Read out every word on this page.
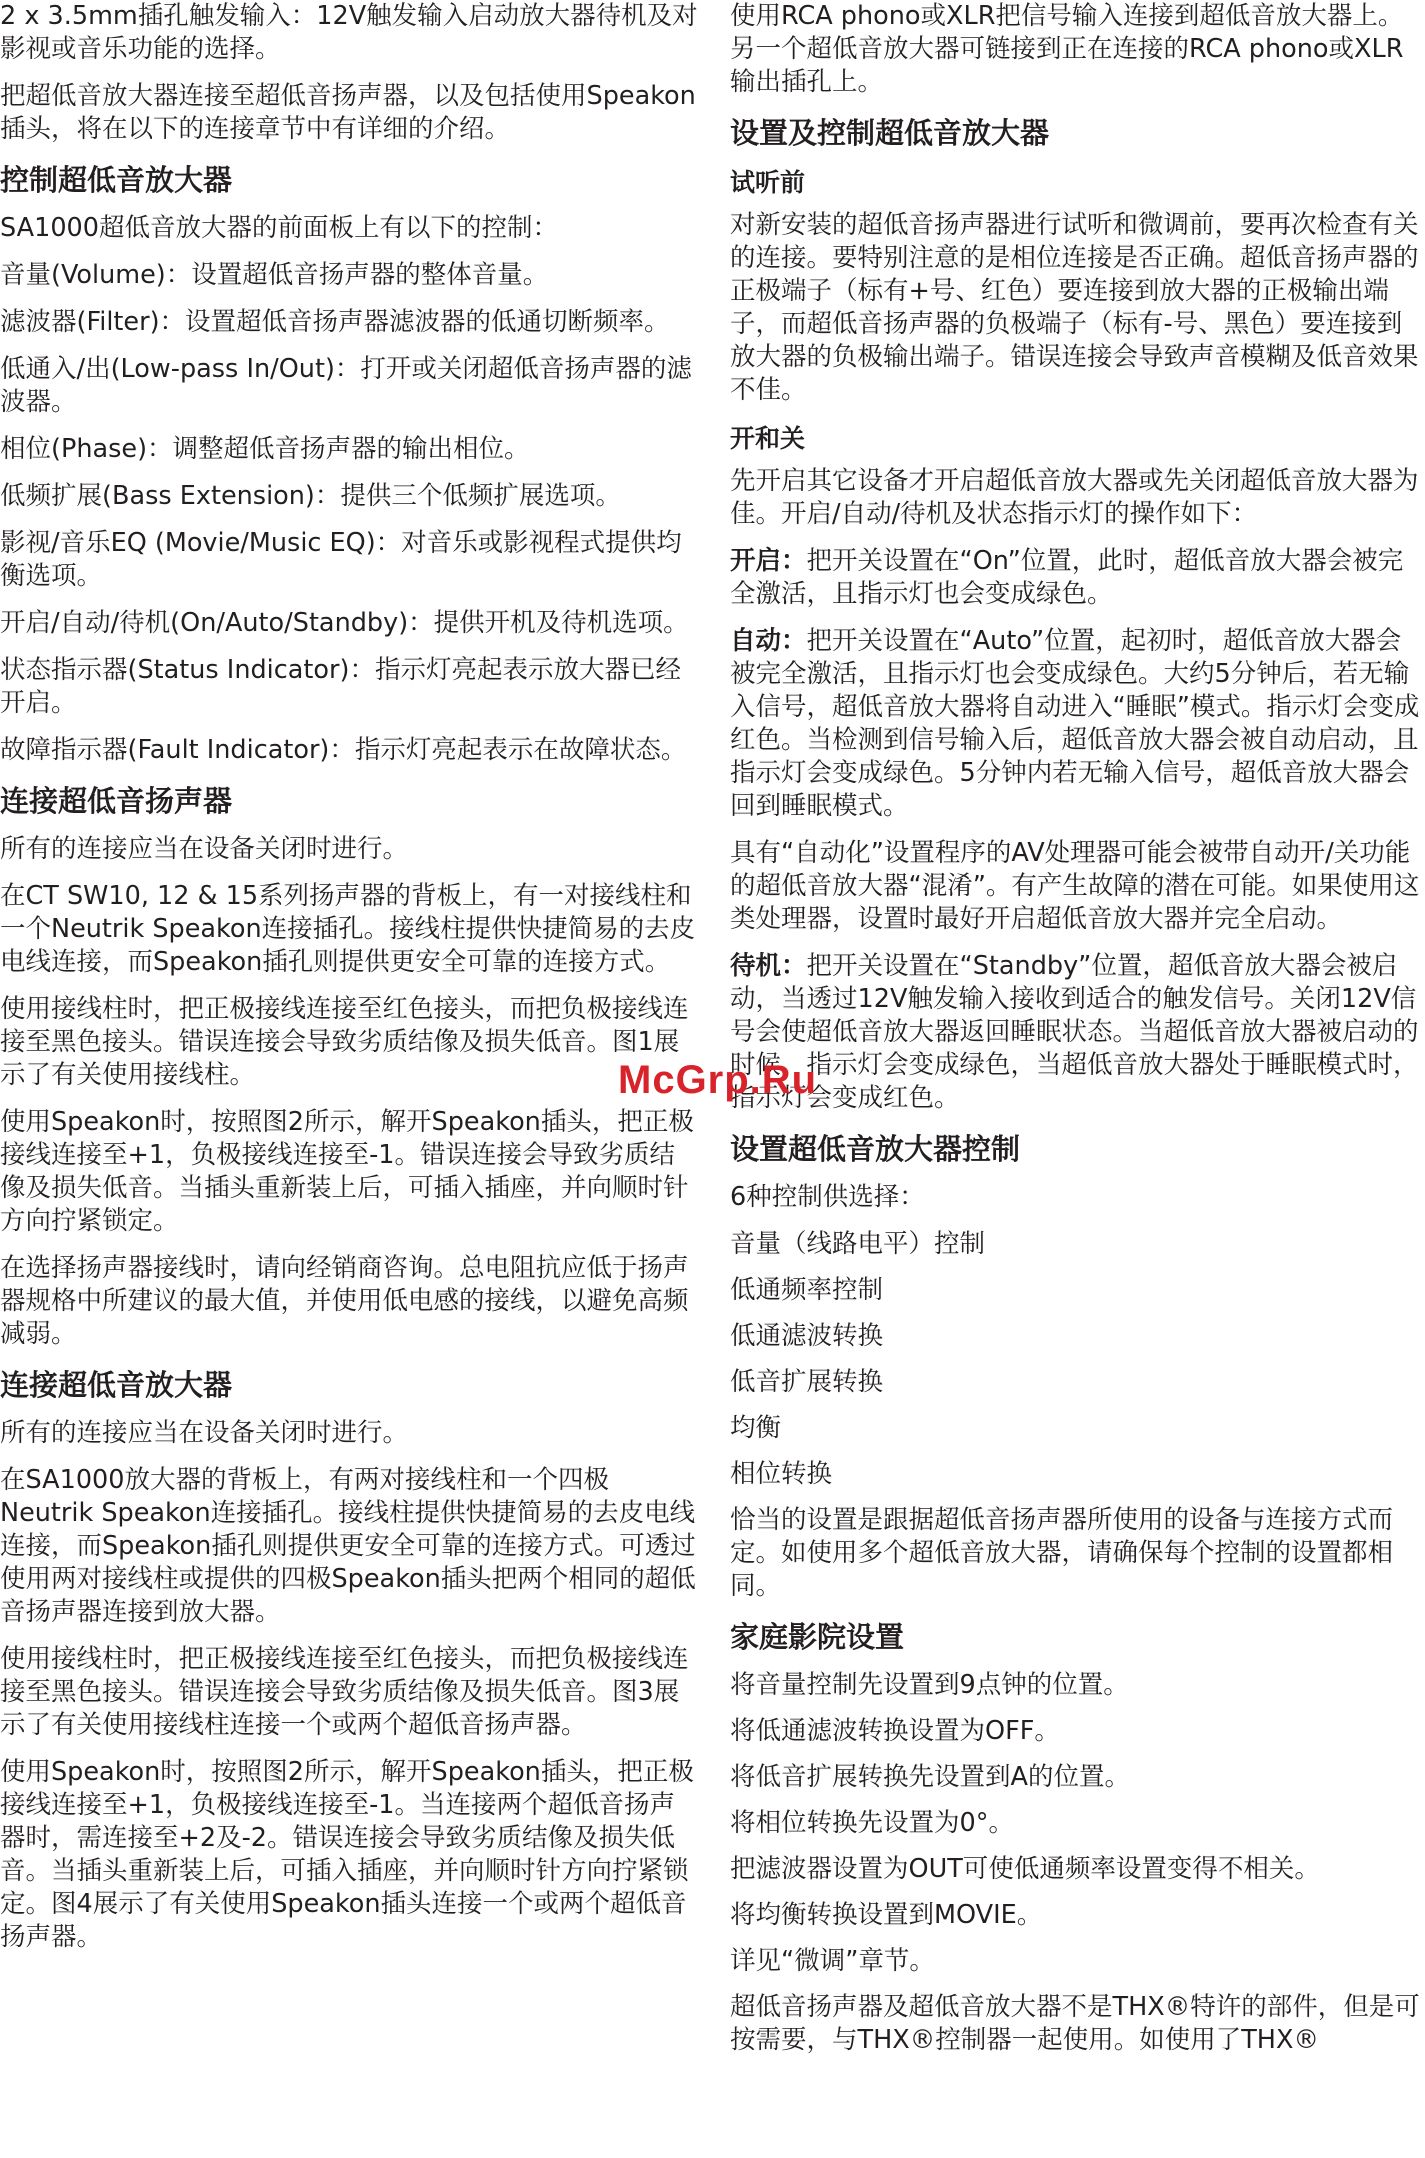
2 x 3.5mm插孔触发输入：12V触发输入启动放大器待机及对影视或音乐功能的选择。

把超低音放大器连接至超低音扬声器，以及包括使用Speakon插头，将在以下的连接章节中有详细的介绍。

控制超低音放大器

SA1000超低音放大器的前面板上有以下的控制：

音量(Volume)：设置超低音扬声器的整体音量。

滤波器(Filter)：设置超低音扬声器滤波器的低通切断频率。

低通入/出(Low-pass In/Out)：打开或关闭超低音扬声器的滤波器。

相位(Phase)：调整超低音扬声器的输出相位。

低频扩展(Bass Extension)：提供三个低频扩展选项。

影视/音乐EQ (Movie/Music EQ)：对音乐或影视程式提供均衡选项。

开启/自动/待机(On/Auto/Standby)：提供开机及待机选项。

状态指示器(Status Indicator)：指示灯亮起表示放大器已经开启。

故障指示器(Fault Indicator)：指示灯亮起表示在故障状态。

连接超低音扬声器

所有的连接应当在设备关闭时进行。

在CT SW10, 12 & 15系列扬声器的背板上，有一对接线柱和一个Neutrik Speakon连接插孔。接线柱提供快捷简易的去皮电线连接，而Speakon插孔则提供更安全可靠的连接方式。

使用接线柱时，把正极接线连接至红色接头，而把负极接线连接至黑色接头。错误连接会导致劣质结像及损失低音。图1展示了有关使用接线柱。

使用Speakon时，按照图2所示，解开Speakon插头，把正极接线连接至+1，负极接线连接至-1。错误连接会导致劣质结像及损失低音。当插头重新装上后，可插入插座，并向顺时针方向拧紧锁定。

在选择扬声器接线时，请向经销商咨询。总电阻抗应低于扬声器规格中所建议的最大值，并使用低电感的接线，以避免高频减弱。

连接超低音放大器

所有的连接应当在设备关闭时进行。

在SA1000放大器的背板上，有两对接线柱和一个四极Neutrik Speakon连接插孔。接线柱提供快捷简易的去皮电线连接，而Speakon插孔则提供更安全可靠的连接方式。可透过使用两对接线柱或提供的四极Speakon插头把两个相同的超低音扬声器连接到放大器。

使用接线柱时，把正极接线连接至红色接头，而把负极接线连接至黑色接头。错误连接会导致劣质结像及损失低音。图3展示了有关使用接线柱连接一个或两个超低音扬声器。

使用Speakon时，按照图2所示，解开Speakon插头，把正极接线连接至+1，负极接线连接至-1。当连接两个超低音扬声器时，需连接至+2及-2。错误连接会导致劣质结像及损失低音。当插头重新装上后，可插入插座，并向顺时针方向拧紧锁定。图4展示了有关使用Speakon插头连接一个或两个超低音扬声器。

使用RCA phono或XLR把信号输入连接到超低音放大器上。另一个超低音放大器可链接到正在连接的RCA phono或XLR输出插孔上。

设置及控制超低音放大器
试听前

对新安装的超低音扬声器进行试听和微调前，要再次检查有关的连接。要特别注意的是相位连接是否正确。超低音扬声器的正极端子（标有+号、红色）要连接到放大器的正极输出端子，而超低音扬声器的负极端子（标有-号、黑色）要连接到放大器的负极输出端子。错误连接会导致声音模糊及低音效果不佳。

开和关

先开启其它设备才开启超低音放大器或先关闭超低音放大器为佳。开启/自动/待机及状态指示灯的操作如下：

开启：把开关设置在“On”位置，此时，超低音放大器会被完全激活，且指示灯也会变成绿色。

自动：把开关设置在“Auto”位置，起初时，超低音放大器会被完全激活，且指示灯也会变成绿色。大约5分钟后，若无输入信号，超低音放大器将自动进入“睡眠”模式。指示灯会变成红色。当检测到信号输入后，超低音放大器会被自动启动，且指示灯会变成绿色。5分钟内若无输入信号，超低音放大器会回到睡眠模式。

具有“自动化”设置程序的AV处理器可能会被带自动开/关功能的超低音放大器“混淆”。有产生故障的潜在可能。如果使用这类处理器，设置时最好开启超低音放大器并完全启动。

待机：把开关设置在“Standby”位置，超低音放大器会被启动，当透过12V触发输入接收到适合的触发信号。关闭12V信号会使超低音放大器返回睡眠状态。当超低音放大器被启动的时候，指示灯会变成绿色，当超低音放大器处于睡眠模式时，指示灯会变成红色。

设置超低音放大器控制

6种控制供选择：

音量（线路电平）控制

低通频率控制

低通滤波转换

低音扩展转换

均衡

相位转换

恰当的设置是跟据超低音扬声器所使用的设备与连接方式而定。如使用多个超低音放大器，请确保每个控制的设置都相同。

家庭影院设置

将音量控制先设置到9点钟的位置。

将低通滤波转换设置为OFF。

将低音扩展转换先设置到A的位置。

将相位转换先设置为0°。

把滤波器设置为OUT可使低通频率设置变得不相关。

将均衡转换设置到MOVIE。

详见“微调”章节。

超低音扬声器及超低音放大器不是THX®特许的部件，但是可按需要，与THX®控制器一起使用。如使用了THX®

McGrp.Ru
